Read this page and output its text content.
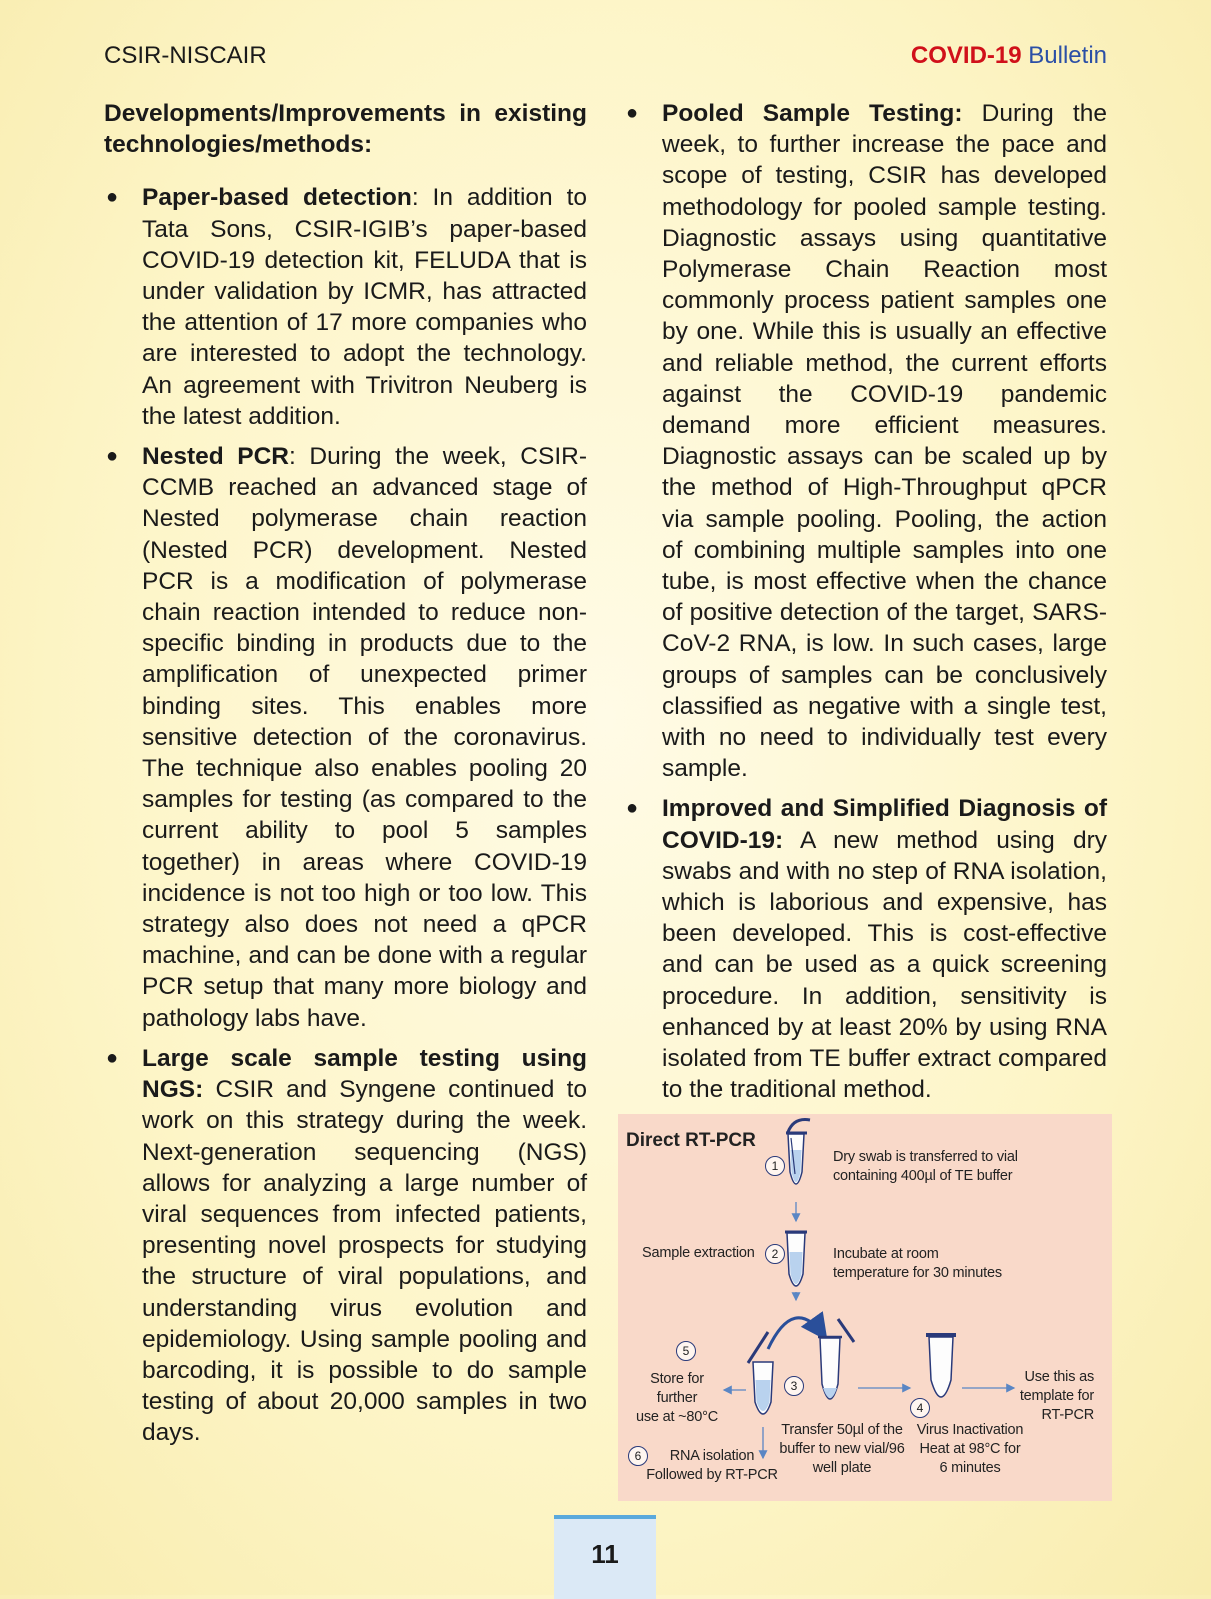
CSIR-NISCAIR	COVID-19 Bulletin
Developments/Improvements in existing technologies/methods:
● Paper-based detection: In addition to Tata Sons, CSIR-IGIB’s paper-based COVID-19 detection kit, FELUDA that is under validation by ICMR, has attracted the attention of 17 more companies who are interested to adopt the technology. An agreement with Trivitron Neuberg is the latest addition.
● Nested PCR: During the week, CSIR-CCMB reached an advanced stage of Nested polymerase chain reaction (Nested PCR) development. Nested PCR is a modification of polymerase chain reaction intended to reduce non-specific binding in products due to the amplification of unexpected primer binding sites. This enables more sensitive detection of the coronavirus. The technique also enables pooling 20 samples for testing (as compared to the current ability to pool 5 samples together) in areas where COVID-19 incidence is not too high or too low. This strategy also does not need a qPCR machine, and can be done with a regular PCR setup that many more biology and pathology labs have.
● Large scale sample testing using NGS: CSIR and Syngene continued to work on this strategy during the week. Next-generation sequencing (NGS) allows for analyzing a large number of viral sequences from infected patients, presenting novel prospects for studying the structure of viral populations, and understanding virus evolution and epidemiology. Using sample pooling and barcoding, it is possible to do sample testing of about 20,000 samples in two days.
● Pooled Sample Testing: During the week, to further increase the pace and scope of testing, CSIR has developed methodology for pooled sample testing. Diagnostic assays using quantitative Polymerase Chain Reaction most commonly process patient samples one by one. While this is usually an effective and reliable method, the current efforts against the COVID-19 pandemic demand more efficient measures. Diagnostic assays can be scaled up by the method of High-Throughput qPCR via sample pooling. Pooling, the action of combining multiple samples into one tube, is most effective when the chance of positive detection of the target, SARS-CoV-2 RNA, is low. In such cases, large groups of samples can be conclusively classified as negative with a single test, with no need to individually test every sample.
● Improved and Simplified Diagnosis of COVID-19: A new method using dry swabs and with no step of RNA isolation, which is laborious and expensive, has been developed. This is cost-effective and can be used as a quick screening procedure. In addition, sensitivity is enhanced by at least 20% by using RNA isolated from TE buffer extract compared to the traditional method.
Direct RT-PCR
1
Dry swab is transferred to vial
containing 400µl of TE buffer
Sample extraction	2	Incubate at room
temperature for 30 minutes
5
Store for further
use at ~80°C
3
Transfer 50µl of the
buffer to new vial/96
well plate
4
Virus Inactivation
Heat at 98°C for
6 minutes
Use this as
template for
RT-PCR
6	RNA isolation
Followed by RT-PCR
11
